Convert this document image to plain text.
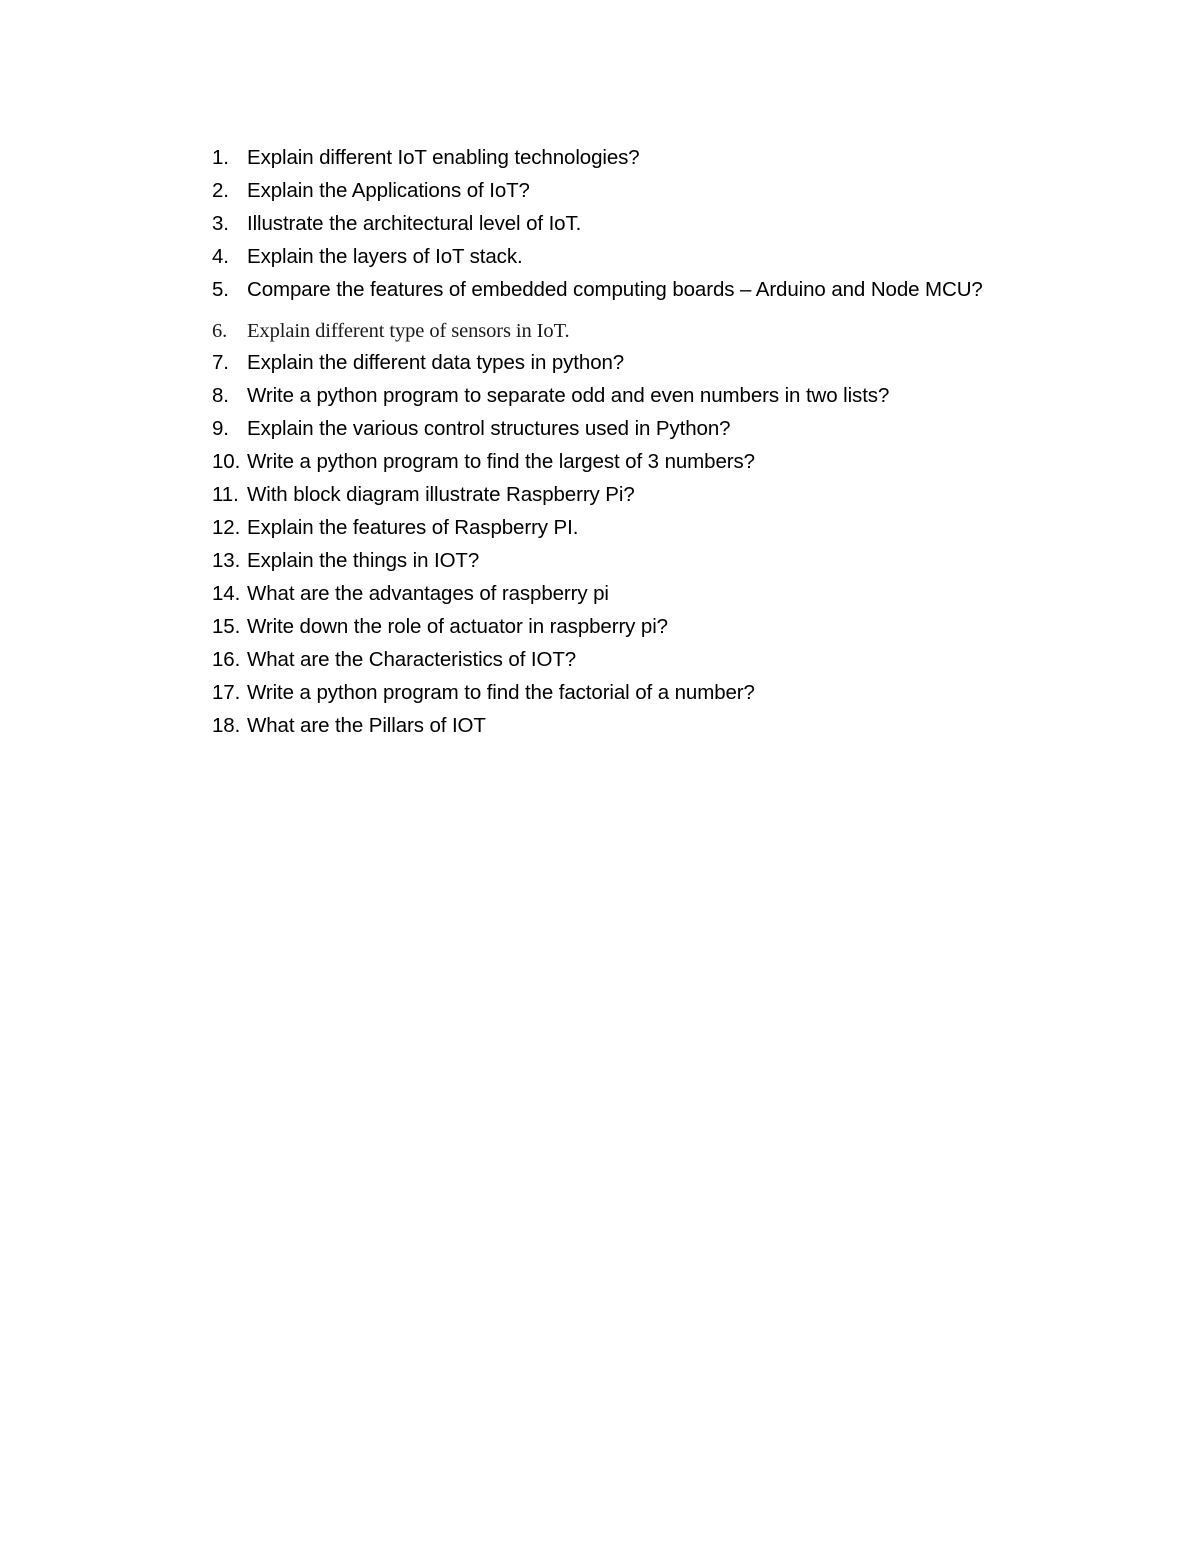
1. Explain different IoT enabling technologies?
2. Explain the Applications of IoT?
3. Illustrate the architectural level of IoT.
4. Explain the layers of IoT stack.
5. Compare the features of embedded computing boards – Arduino and Node MCU?
6. Explain different type of sensors in IoT.
7. Explain the different data types in python?
8. Write a python program to separate odd and even numbers in two lists?
9. Explain the various control structures used in Python?
10. Write a python program to find the largest of 3 numbers?
11. With block diagram illustrate Raspberry Pi?
12. Explain the features of Raspberry PI.
13. Explain the things in IOT?
14. What are the advantages of raspberry pi
15. Write down the role of actuator in raspberry pi?
16. What are the Characteristics of IOT?
17. Write a python program to find the factorial of a number?
18. What are the Pillars of IOT
